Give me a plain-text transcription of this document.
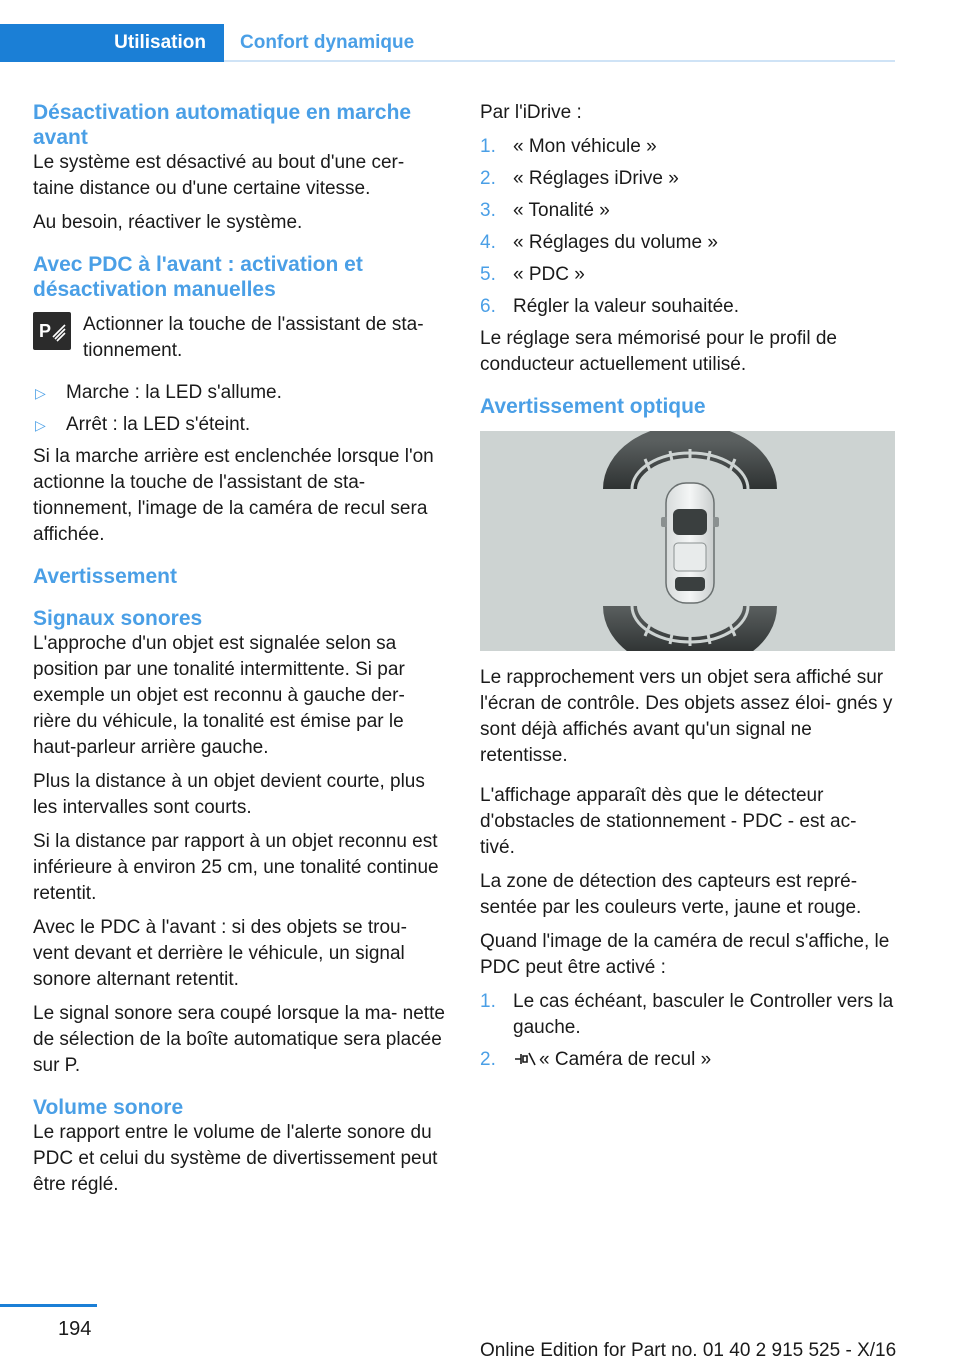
Utilisation	Confort dynamique
Désactivation automatique en marche avant

Le système est désactivé au bout d'une cer‐ taine distance ou d'une certaine vitesse.

Au besoin, réactiver le système.

Avec PDC à l'avant : activation et désactivation manuelles
P Actionner la touche de l'assistant de sta‐ tionnement.

▷ Marche : la LED s'allume.
▷ Arrêt : la LED s'éteint.

Si la marche arrière est enclenchée lorsque l'on actionne la touche de l'assistant de sta‐ tionnement, l'image de la caméra de recul sera affichée.

Avertissement
Signaux sonores

L'approche d'un objet est signalée selon sa position par une tonalité intermittente. Si par exemple un objet est reconnu à gauche der‐ rière du véhicule, la tonalité est émise par le haut-parleur arrière gauche.

Plus la distance à un objet devient courte, plus les intervalles sont courts.

Si la distance par rapport à un objet reconnu est inférieure à environ 25 cm, une tonalité continue retentit.

Avec le PDC à l'avant : si des objets se trou‐ vent devant et derrière le véhicule, un signal sonore alternant retentit.

Le signal sonore sera coupé lorsque la ma‐ nette de sélection de la boîte automatique sera placée sur P.

Volume sonore

Le rapport entre le volume de l'alerte sonore du PDC et celui du système de divertissement peut être réglé.

Par l'iDrive :

1. « Mon véhicule »
2. « Réglages iDrive »
3. « Tonalité »
4. « Réglages du volume »
5. « PDC »
6. Régler la valeur souhaitée.

Le réglage sera mémorisé pour le profil de conducteur actuellement utilisé.

Avertissement optique

Le rapprochement vers un objet sera affiché sur l'écran de contrôle. Des objets assez éloi‐ gnés y sont déjà affichés avant qu'un signal ne retentisse.

L'affichage apparaît dès que le détecteur d'obstacles de stationnement - PDC - est ac‐ tivé.

La zone de détection des capteurs est repré‐ sentée par les couleurs verte, jaune et rouge.

Quand l'image de la caméra de recul s'affiche, le PDC peut être activé :

1. Le cas échéant, basculer le Controller vers la gauche.
2. « Caméra de recul »
194
Online Edition for Part no. 01 40 2 915 525 - X/16
